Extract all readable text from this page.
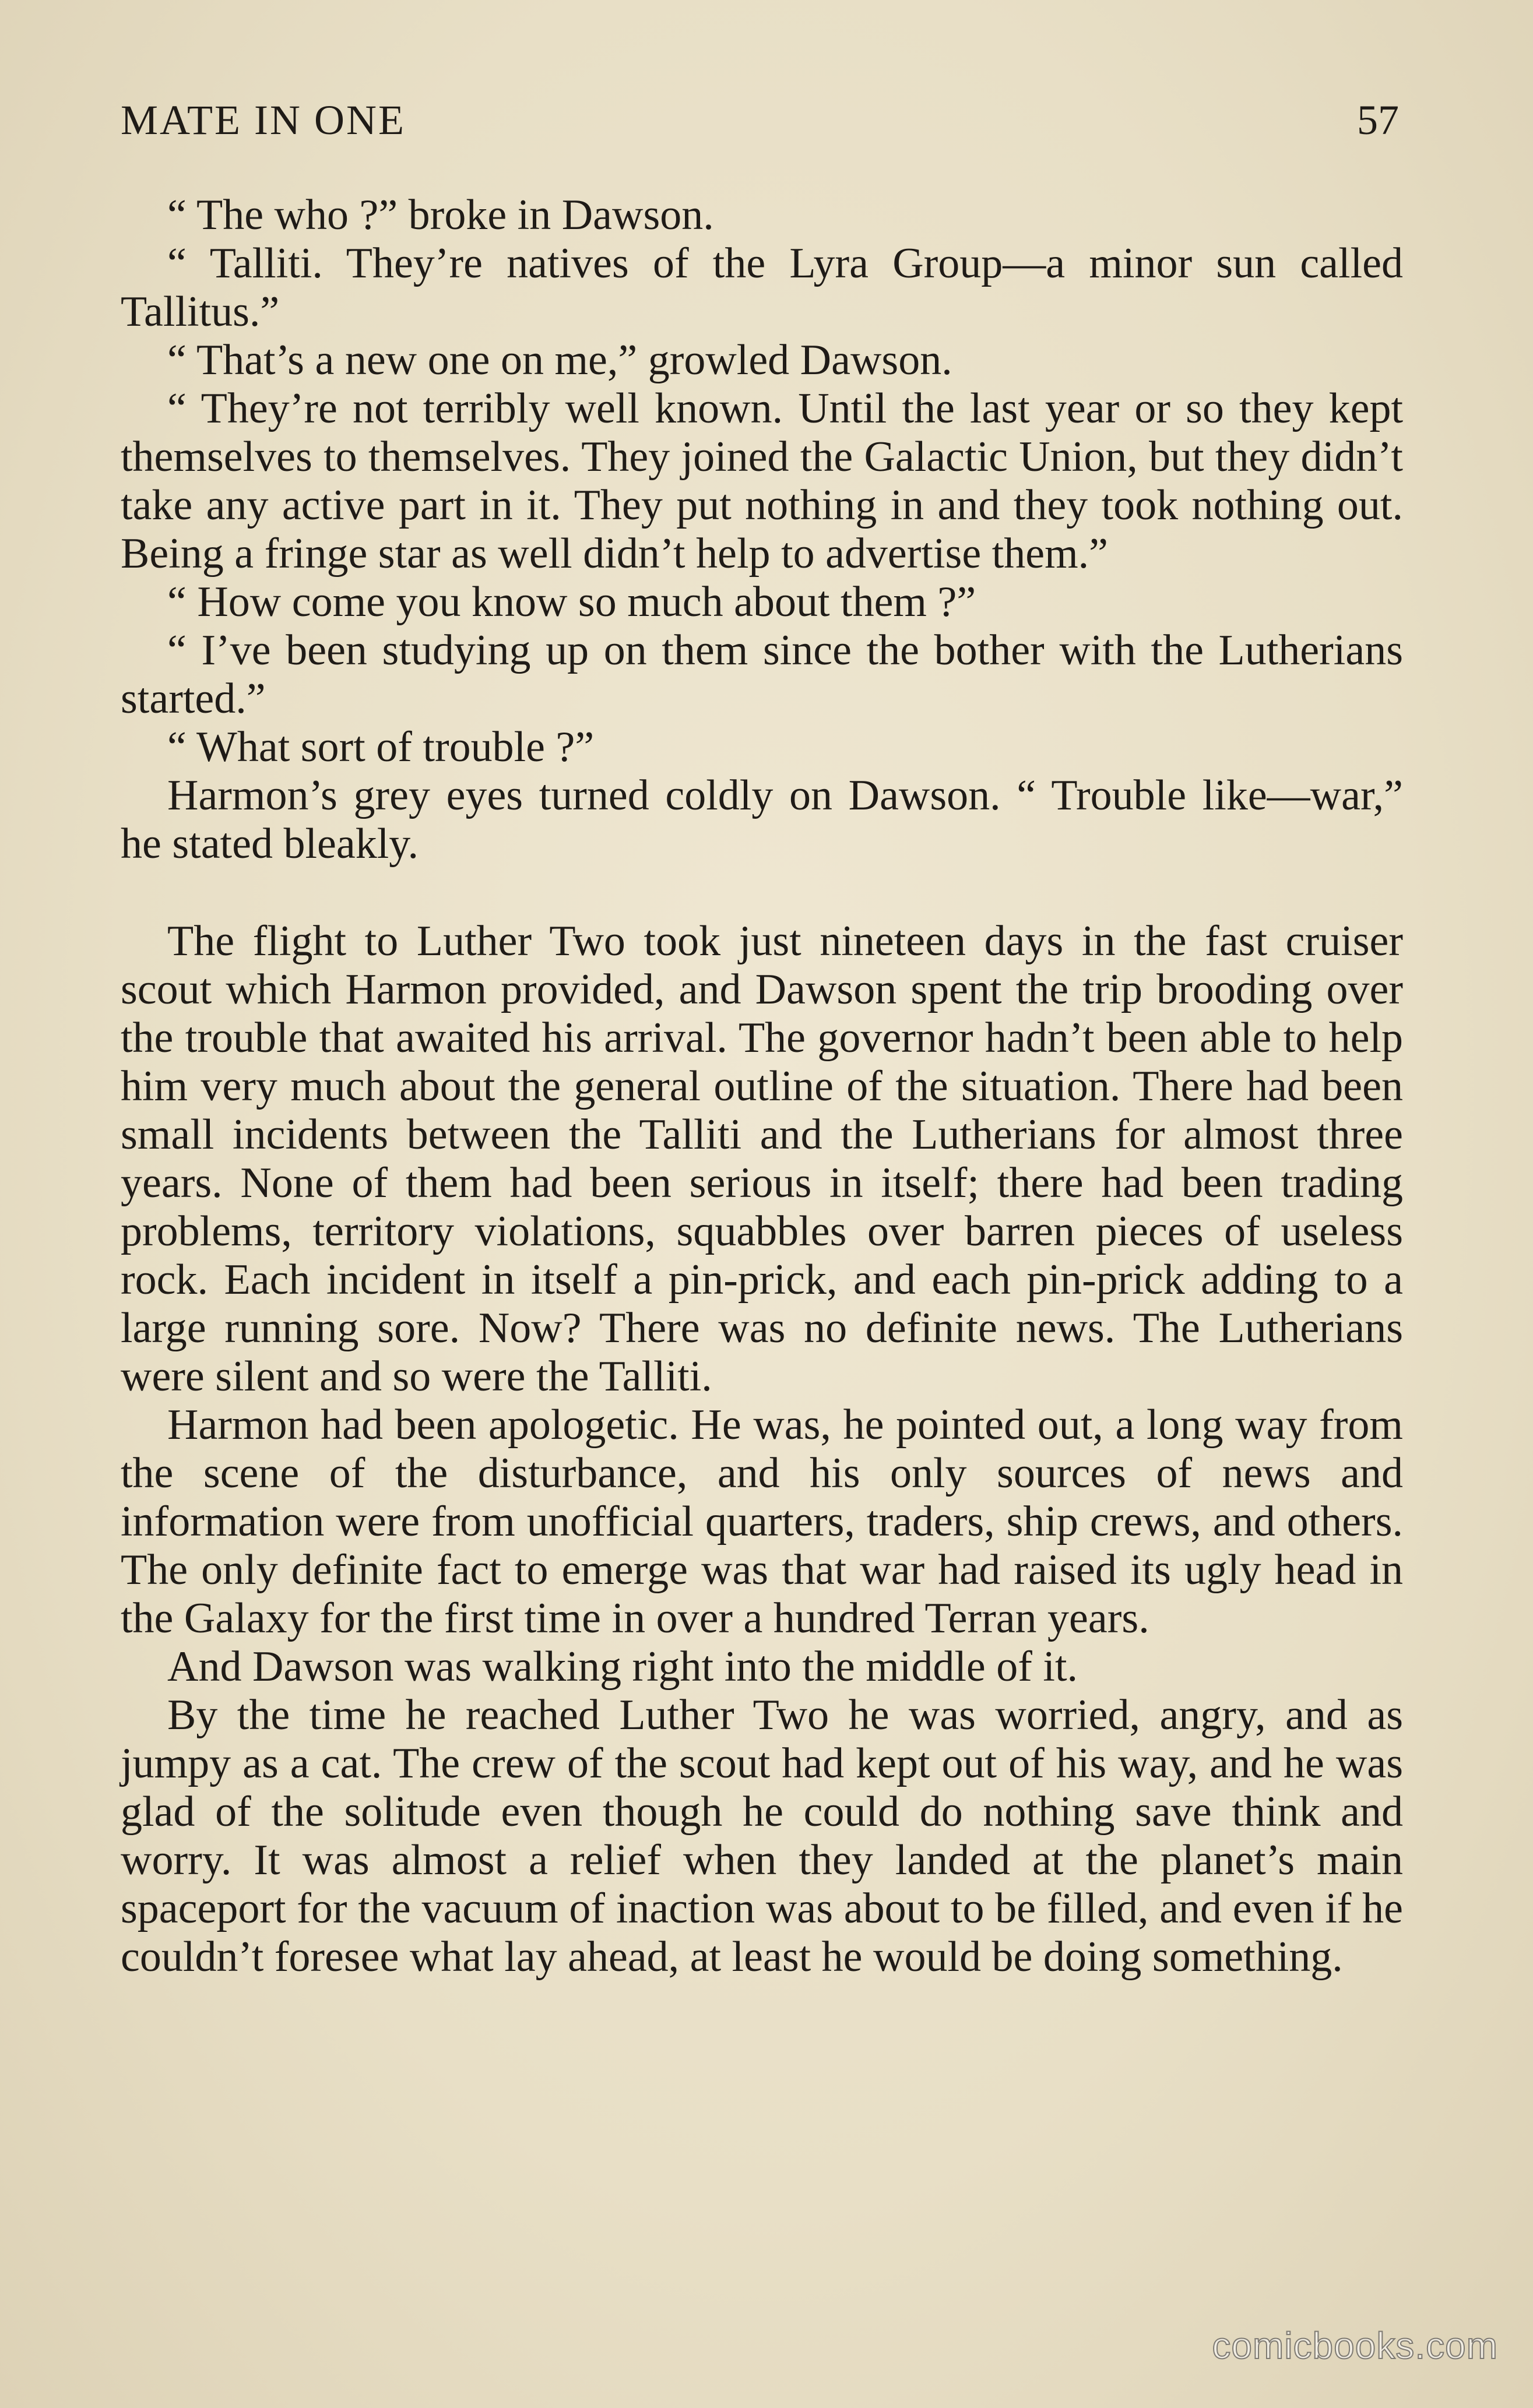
MATE IN ONE	57

“ The who ?” broke in Dawson.

“ Talliti. They’re natives of the Lyra Group—a minor sun called Tallitus.”

“ That’s a new one on me,” growled Dawson.

“ They’re not terribly well known. Until the last year or so they kept themselves to themselves. They joined the Galactic Union, but they didn’t take any active part in it. They put nothing in and they took nothing out. Being a fringe star as well didn’t help to advertise them.”

“ How come you know so much about them ?”

“ I’ve been studying up on them since the bother with the Lutherians started.”

“ What sort of trouble ?”

Harmon’s grey eyes turned coldly on Dawson. “ Trouble like—war,” he stated bleakly.

The flight to Luther Two took just nineteen days in the fast cruiser scout which Harmon provided, and Dawson spent the trip brooding over the trouble that awaited his arrival. The governor hadn’t been able to help him very much about the general outline of the situation. There had been small incidents between the Talliti and the Lutherians for almost three years. None of them had been serious in itself; there had been trading problems, territory violations, squabbles over barren pieces of useless rock. Each incident in itself a pin-prick, and each pin-prick adding to a large running sore. Now? There was no definite news. The Lutherians were silent and so were the Talliti.

Harmon had been apologetic. He was, he pointed out, a long way from the scene of the disturbance, and his only sources of news and information were from unofficial quarters, traders, ship crews, and others. The only definite fact to emerge was that war had raised its ugly head in the Galaxy for the first time in over a hundred Terran years.

And Dawson was walking right into the middle of it.

By the time he reached Luther Two he was worried, angry, and as jumpy as a cat. The crew of the scout had kept out of his way, and he was glad of the solitude even though he could do nothing save think and worry. It was almost a relief when they landed at the planet’s main spaceport for the vacuum of inaction was about to be filled, and even if he couldn’t foresee what lay ahead, at least he would be doing something.

comicbooks.com
